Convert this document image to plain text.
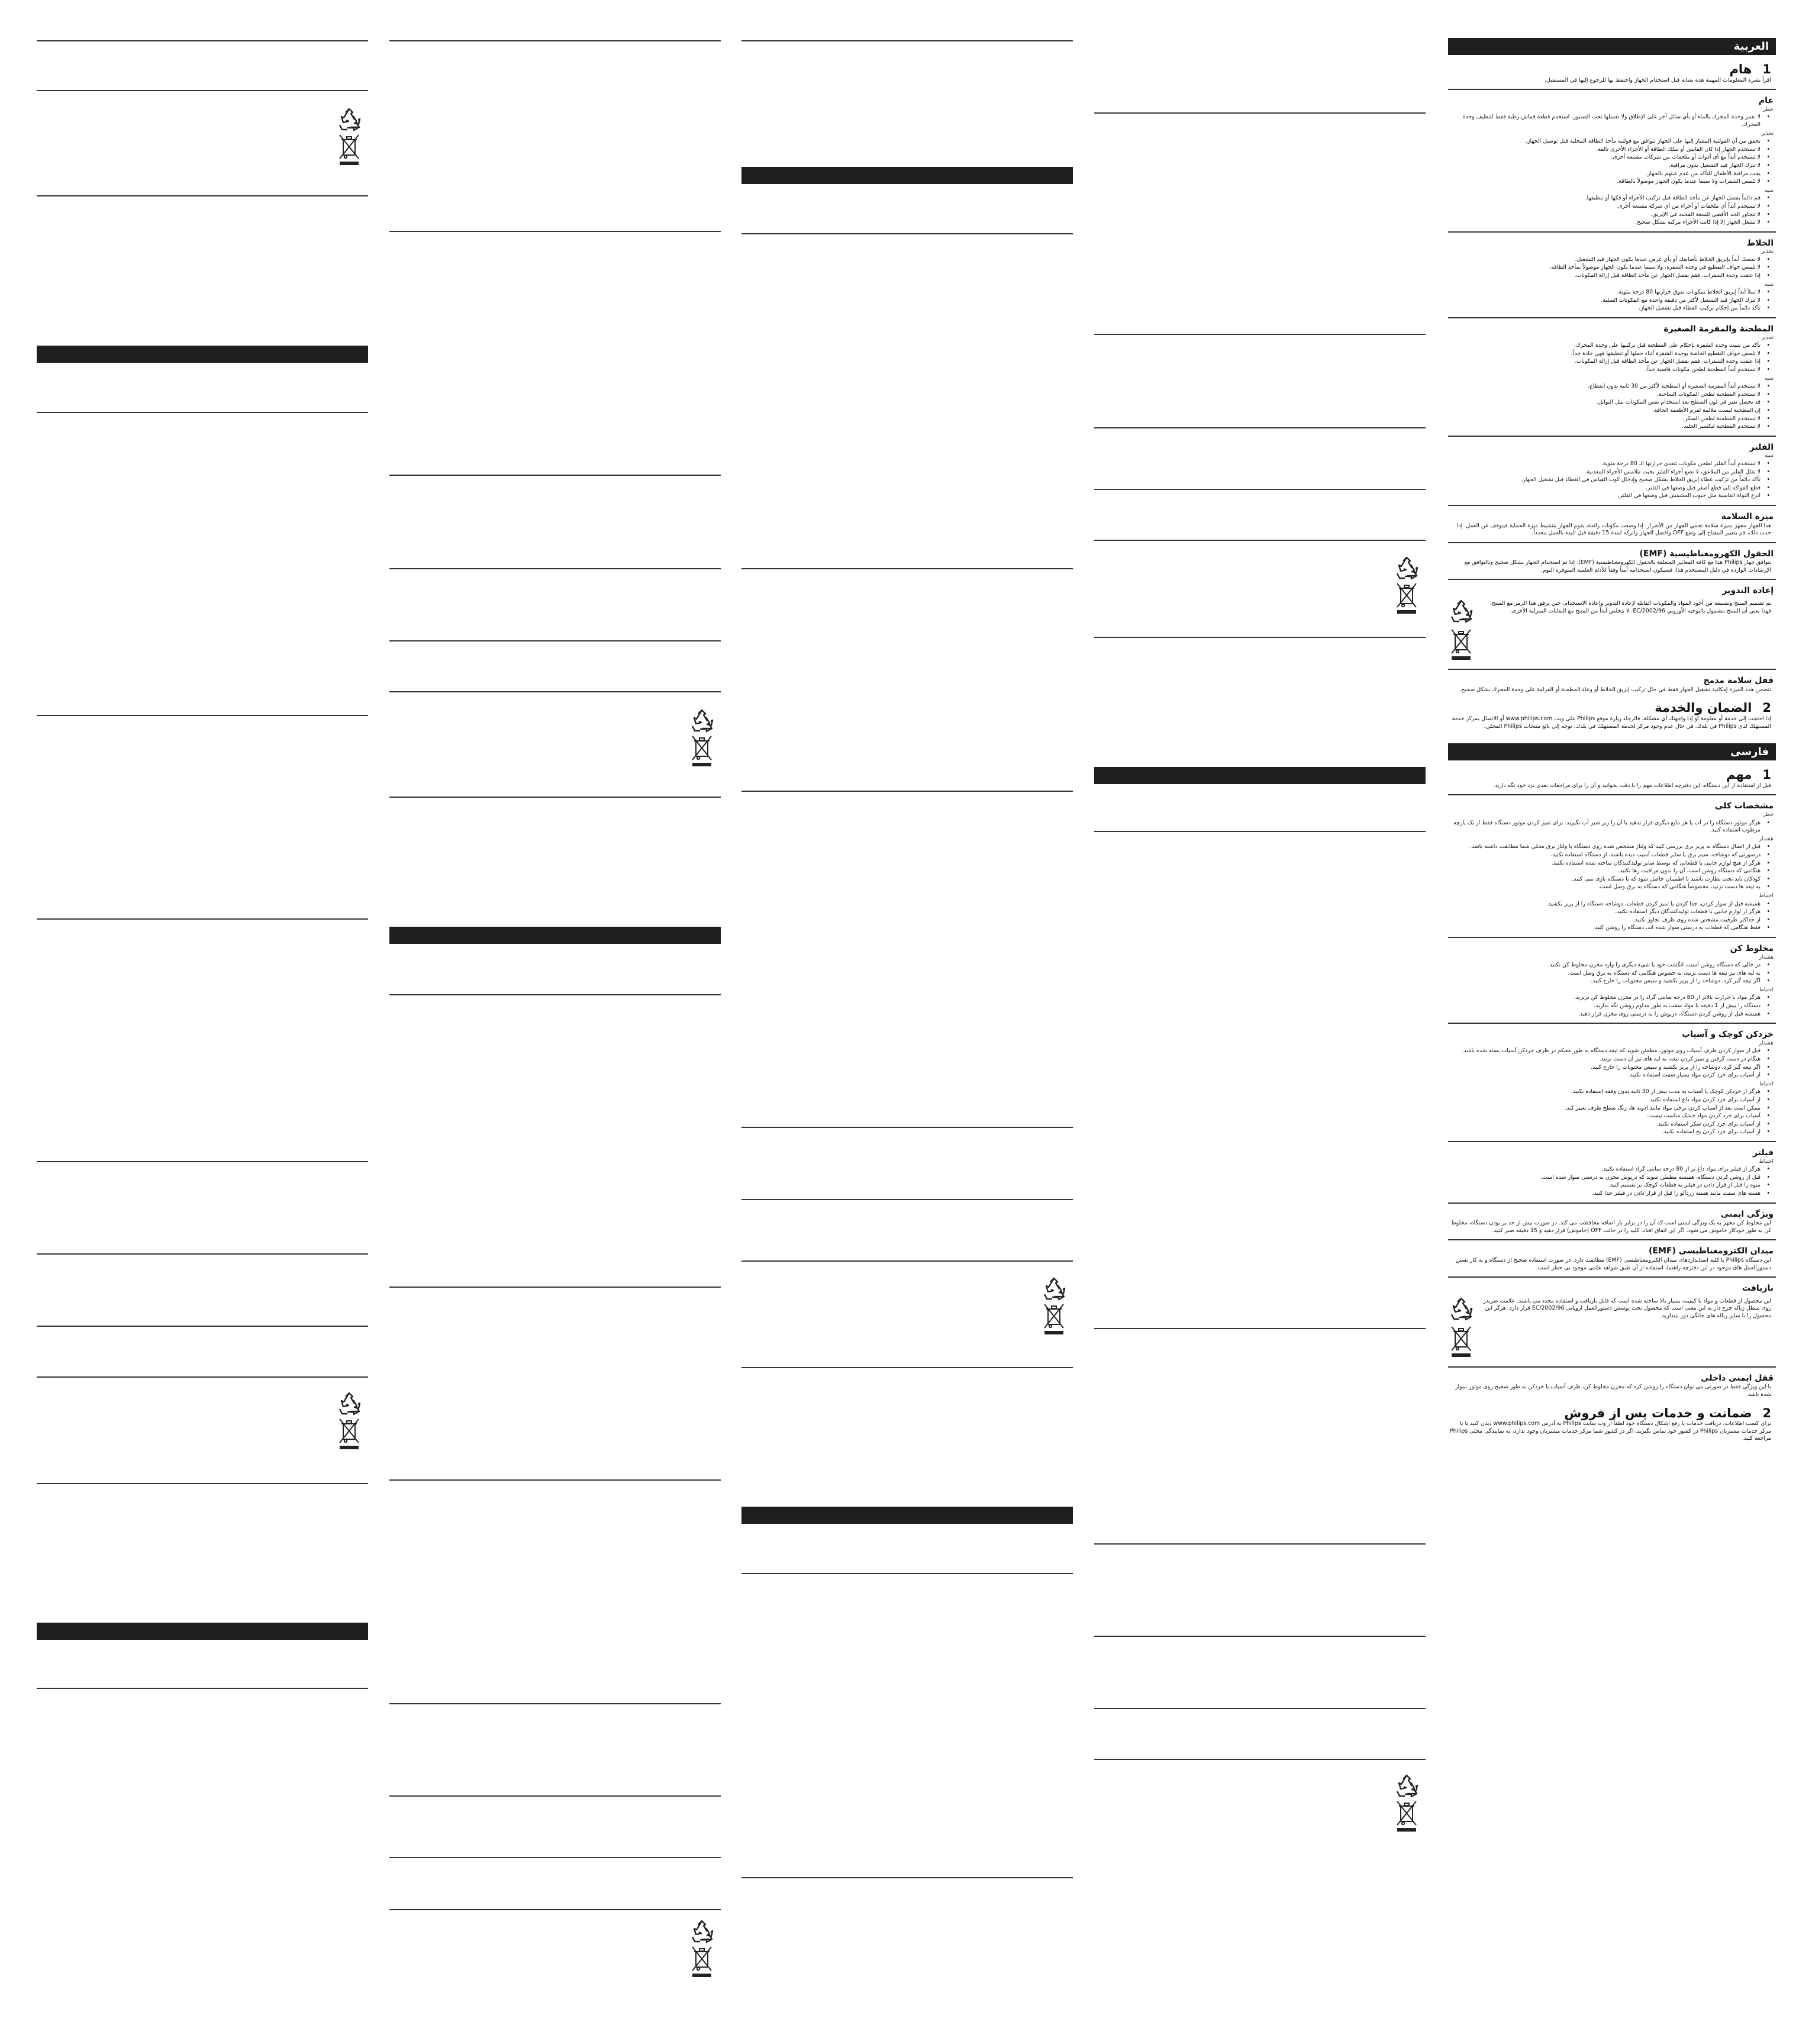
العربية
1
هام
اقرأ نشرة المعلومات المهمة هذه بعناية قبل استخدام الجهاز واحتفظ بها للرجوع إليها في المستقبل.
عام
خطر
• لا تغمر وحدة المحرك بالماء أو بأي سائل آخر على الإطلاق ولا تغسلها تحت الصنبور. استخدم قطعة قماش رطبة فقط لتنظيف وحدة المحرك.
تحذير
• تحقق من أن الفولتية المشار إليها على الجهاز تتوافق مع فولتية مأخذ الطاقة المحلية قبل توصيل الجهاز.
• لا تستخدم الجهاز إذا كان القابس أو سلك الطاقة أو الأجزاء الأخرى تالفة.
• لا تستخدم أبداً مع أي أدوات أو ملحقات من شركات مصنعة أخرى.
• لا تترك الجهاز قيد التشغيل بدون مراقبة.
• يجب مراقبة الأطفال للتأكد من عدم عبثهم بالجهاز.
• لا تلمس الشفرات ولا سيما عندما يكون الجهاز موصولاً بالطاقة.
تنبيه
• قم دائماً بفصل الجهاز عن مأخذ الطاقة قبل تركيب الأجزاء أو فكها أو تنظيفها.
• لا تستخدم أبداً أي ملحقات أو أجزاء من أي شركة مصنعة أخرى.
• لا تتجاوز الحد الأقصى للسعة المحدد في الإبريق.
• لا تشغل الجهاز إلا إذا كانت الأجزاء مركبة بشكل صحيح.
الخلاط
تحذير
• لا تمسك أبداً بإبريق الخلاط بأصابعك أو بأي غرض عندما يكون الجهاز قيد التشغيل.
• لا تلمس حواف التقطيع في وحدة الشفرة، ولا سيما عندما يكون الجهاز موصولاً بمأخذ الطاقة.
• إذا علقت وحدة الشفرات، فقم بفصل الجهاز عن مأخذ الطاقة قبل إزالة المكونات.
تنبيه
• لا تملأ أبداً إبريق الخلاط بمكونات تفوق حرارتها 80 درجة مئوية.
• لا تترك الجهاز قيد التشغيل لأكثر من دقيقة واحدة مع المكونات الصلبة.
• تأكد دائماً من إحكام تركيب الغطاء قبل تشغيل الجهاز.
المطحنة والمفرمة الصغيرة
تحذير
• تأكد من تثبيت وحدة الشفرة بإحكام على المطحنة قبل تركيبها على وحدة المحرك.
• لا تلمس حواف التقطيع الخاصة بوحدة الشفرة أثناء حملها أو تنظيفها فهي حادة جداً.
• إذا علقت وحدة الشفرات، فقم بفصل الجهاز عن مأخذ الطاقة قبل إزالة المكونات.
• لا تستخدم أبداً المطحنة لطحن مكونات قاسية جداً.
تنبيه
• لا تستخدم أبداً المفرمة الصغيرة أو المطحنة لأكثر من 30 ثانية بدون انقطاع.
• لا تستخدم المطحنة لطحن المكونات الساخنة.
• قد يحصل تغير في لون السطح بعد استخدام بعض المكونات مثل التوابل.
• إن المطحنة ليست ملائمة لفرم الأطعمة الجافة.
• لا تستخدم المطحنة لطحن السكر.
• لا تستخدم المطحنة لتكسير الجليد.
الفلتر
تنبيه
• لا تستخدم أبداً الفلتر لطحن مكونات تتعدى حرارتها الـ 80 درجة مئوية.
• لا تقلل الفلتر من الملاعق، لا تضع أجزاء الفلتر بحيث تتلامس الأجزاء المعدنية.
• تأكد دائماً من تركيب غطاء إبريق الخلاط بشكل صحيح وإدخال كوب القياس في الغطاء قبل تشغيل الجهاز.
• قطع الفواكه إلى قطع أصغر قبل وضعها في الفلتر.
• انزع النواة القاسية مثل حبوب المشمش قبل وضعها في الفلتر.
ميزة السلامة
هذا الجهاز مجهز بميزة سلامة تحمي الجهاز من الأضرار. إذا وضعت مكونات زائدة، يقوم الجهاز بتنشيط ميزة الحماية فيتوقف عن العمل. إذا حدث ذلك، قم بتغيير المفتاح إلى وضع OFF وافصل الجهاز واتركه لمدة 15 دقيقة قبل البدء بالعمل مجدداً.
الحقول الكهرومغناطيسية (EMF)
يتوافق جهاز Philips هذا مع كافة المعايير المتعلقة بالحقول الكهرومغناطيسية (EMF). إذا تم استخدام الجهاز بشكل صحيح وبالتوافق مع الإرشادات الواردة في دليل المستخدم هذا، فسيكون استخدامه آمناً وفقاً للأدلة العلمية المتوفرة اليوم.
إعادة التدوير
تم تصميم المنتج وتصنيعه من أجود المواد والمكونات القابلة لإعادة التدوير وإعادة الاستخدام. حين يرفق هذا الرمز مع المنتج، فهذا يعني أن المنتج مشمول بالتوجيه الأوروبي EC/2002/96. لا تتخلص أبداً من المنتج مع النفايات المنزلية الأخرى.

قفل سلامة مدمج
تتضمن هذه الميزة إمكانية تشغيل الجهاز فقط في حال تركيب إبريق الخلاط أو وعاء المطحنة أو الفرامة على وحدة المحرك بشكل صحيح.
2
الضمان والخدمة
إذا احتجت إلى خدمة أو معلومة أو إذا واجهتك أي مشكلة، فالرجاء زيارة موقع Philips على ويب www.philips.com أو الاتصال بمركز خدمة المستهلك لدى Philips في بلدك. في حال عدم وجود مركز لخدمة المستهلك في بلدك، توجه إلى بائع منتجات Philips المحلي.
فارسی
1
مهم
قبل از استفاده از این دستگاه، این دفترچه اطلاعات مهم را با دقت بخوانید و آن را برای مراجعات بعدی نزد خود نگه دارید.
مشخصات کلی
خطر
• هرگز موتور دستگاه را در آب یا هر مایع دیگری قرار ندهید یا آن را زیر شیر آب نگیرید. برای تمیز کردن موتور دستگاه فقط از یک پارچه مرطوب استفاده کنید.
هشدار
• قبل از اتصال دستگاه به پریز برق بررسی کنید که ولتاژ مشخص شده روی دستگاه با ولتاژ برق محلی شما مطابقت داشته باشد.
• درصورتی که دوشاخه، سیم برق یا سایر قطعات آسیب دیده باشند، از دستگاه استفاده نکنید.
• هرگز از هیچ لوازم جانبی یا قطعاتی که توسط سایر تولیدکنندگان ساخته شده استفاده نکنید.
• هنگامی که دستگاه روشن است، آن را بدون مراقبت رها نکنید.
• کودکان باید تحت نظارت باشند تا اطمینان حاصل شود که با دستگاه بازی نمی کنند.
• به تیغه ها دست نزنید، مخصوصاً هنگامی که دستگاه به برق وصل است.
احتیاط
• همیشه قبل از سوار کردن، جدا کردن یا تمیز کردن قطعات، دوشاخه دستگاه را از پریز بکشید.
• هرگز از لوازم جانبی یا قطعات تولیدکنندگان دیگر استفاده نکنید.
• از حداکثر ظرفیت مشخص شده روی ظرف تجاوز نکنید.
• فقط هنگامی که قطعات به درستی سوار شده اند، دستگاه را روشن کنید.
مخلوط کن
هشدار
• در حالی که دستگاه روشن است، انگشت خود یا شیء دیگری را وارد مخزن مخلوط کن نکنید.
• به لبه های تیز تیغه ها دست نزنید، به خصوص هنگامی که دستگاه به برق وصل است.
• اگر تیغه گیر کرد، دوشاخه را از پریز بکشید و سپس محتویات را خارج کنید.
احتیاط
• هرگز مواد با حرارت بالاتر از 80 درجه سانتی گراد را در مخزن مخلوط کن نریزید.
• دستگاه را بیش از 1 دقیقه با مواد سفت به طور مداوم روشن نگه ندارید.
• همیشه قبل از روشن کردن دستگاه، درپوش را به درستی روی مخزن قرار دهید.
خردکن کوچک و آسیاب
هشدار
• قبل از سوار کردن ظرف آسیاب روی موتور، مطمئن شوید که تیغه دستگاه به طور محکم در ظرف خردکن آسیاب بسته شده باشد.
• هنگام در دست گرفتن و تمیز کردن تیغه، به لبه های تیز آن دست نزنید.
• اگر تیغه گیر کرد، دوشاخه را از پریز بکشید و سپس محتویات را خارج کنید.
• از آسیاب برای خرد کردن مواد بسیار سفت استفاده نکنید.
احتیاط
• هرگز از خردکن کوچک یا آسیاب به مدت بیش از 30 ثانیه بدون وقفه استفاده نکنید.
• از آسیاب برای خرد کردن مواد داغ استفاده نکنید.
• ممکن است بعد از آسیاب کردن برخی مواد مانند ادویه ها، رنگ سطح ظرف تغییر کند.
• آسیاب برای خرد کردن مواد خشک مناسب نیست.
• از آسیاب برای خرد کردن شکر استفاده نکنید.
• از آسیاب برای خرد کردن یخ استفاده نکنید.
فیلتر
احتیاط
• هرگز از فیلتر برای مواد داغ تر از 80 درجه سانتی گراد استفاده نکنید.
• قبل از روشن کردن دستگاه، همیشه مطمئن شوید که درپوش مخزن به درستی سوار شده است.
• میوه را قبل از قرار دادن در فیلتر به قطعات کوچک تر تقسیم کنید.
• هسته های سفت مانند هسته زردآلو را قبل از قرار دادن در فیلتر جدا کنید.
ویژگی ایمنی
این مخلوط کن مجهز به یک ویژگی ایمنی است که آن را در برابر بار اضافه محافظت می کند. در صورت بیش از حد پر بودن دستگاه، مخلوط کن به طور خودکار خاموش می شود. اگر این اتفاق افتاد، کلید را در حالت OFF (خاموش) قرار دهید و 15 دقیقه صبر کنید.
میدان الکترومغناطیسی (EMF)
این دستگاه Philips با کلیه استانداردهای میدان الکترومغناطیسی (EMF) مطابقت دارد. در صورت استفاده صحیح از دستگاه و به کار بستن دستورالعمل های موجود در این دفترچه راهنما، استفاده از آن طبق شواهد علمی موجود بی خطر است.
بازیافت
این محصول از قطعات و مواد با کیفیت بسیار بالا ساخته شده است که قابل بازیافت و استفاده مجدد می باشند. علامت ضربدر روی سطل زباله چرخ دار به این معنی است که محصول تحت پوشش دستورالعمل اروپایی EC/2002/96 قرار دارد. هرگز این محصول را با سایر زباله های خانگی دور نیندازید.

قفل ایمنی داخلی
با این ویژگی فقط در صورتی می توان دستگاه را روشن کرد که مخزن مخلوط کن، ظرف آسیاب یا خردکن به طور صحیح روی موتور سوار شده باشد.
2
ضمانت و خدمات پس از فروش
برای کسب اطلاعات، دریافت خدمات یا رفع اشکال دستگاه خود لطفاً از وب سایت Philips به آدرس www.philips.com دیدن کنید یا با مرکز خدمات مشتریان Philips در کشور خود تماس بگیرید. اگر در کشور شما مرکز خدمات مشتریان وجود ندارد، به نمایندگی محلی Philips مراجعه کنید.
